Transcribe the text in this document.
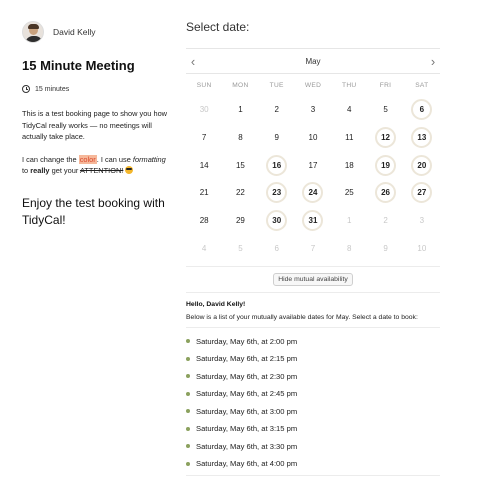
David Kelly
15 Minute Meeting
15 minutes

This is a test booking page to show you how TidyCal really works — no meetings will actually take place.

I can change the color. I can use formatting to really get your ATTENTION!

Enjoy the test booking with TidyCal!
Select date:
‹	May	›
SUN	MON	TUE	WED	THU	FRI	SAT
30	1	2	3	4	5	6
7	8	9	10	11	12	13
14	15	16	17	18	19	20
21	22	23	24	25	26	27
28	29	30	31	1	2	3
4	5	6	7	8	9	10
Hide mutual availability
Hello, David Kelly!
Below is a list of your mutually available dates for May. Select a date to book:
Saturday, May 6th, at 2:00 pm
Saturday, May 6th, at 2:15 pm
Saturday, May 6th, at 2:30 pm
Saturday, May 6th, at 2:45 pm
Saturday, May 6th, at 3:00 pm
Saturday, May 6th, at 3:15 pm
Saturday, May 6th, at 3:30 pm
Saturday, May 6th, at 4:00 pm
